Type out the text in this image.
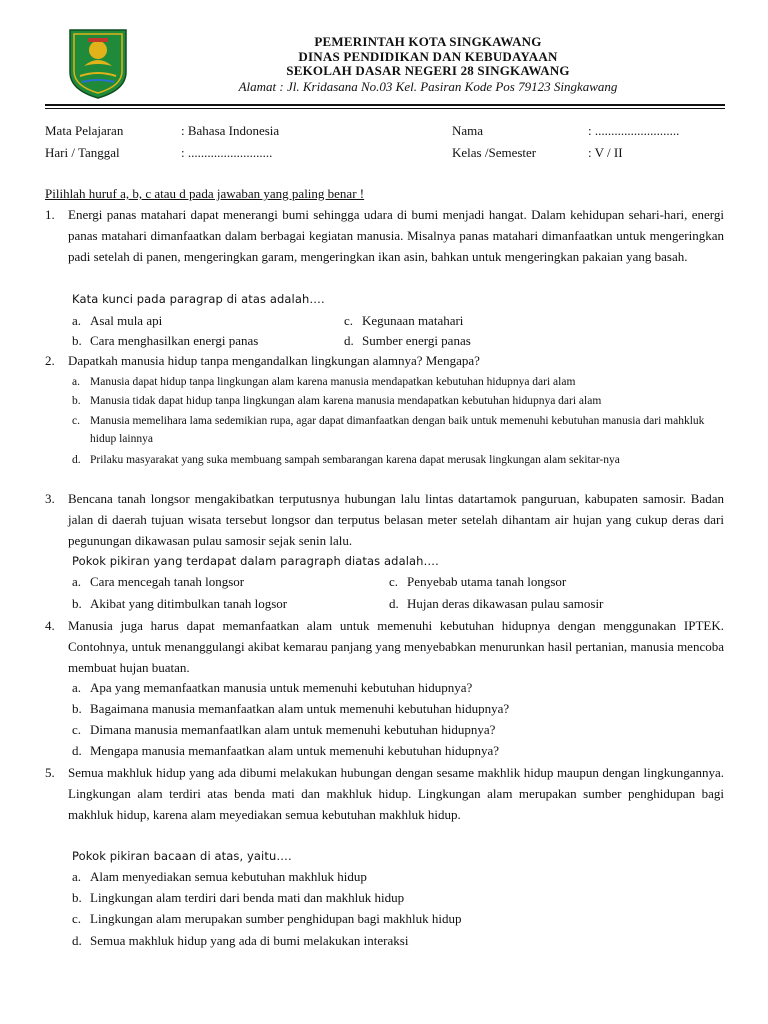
PEMERINTAH KOTA SINGKAWANG
DINAS PENDIDIKAN DAN KEBUDAYAAN
SEKOLAH DASAR NEGERI 28 SINGKAWANG
Alamat : Jl. Kridasana No.03 Kel. Pasiran Kode Pos 79123 Singkawang
Mata Pelajaran	: Bahasa Indonesia	Nama	: ..........................
Hari / Tanggal	: ..........................	Kelas /Semester	: V / II
Pilihlah huruf a, b, c atau d pada jawaban yang paling benar !
1. Energi panas matahari dapat menerangi bumi sehingga udara di bumi menjadi hangat. Dalam kehidupan sehari-hari, energi panas matahari dimanfaatkan dalam berbagai kegiatan manusia. Misalnya panas matahari dimanfaatkan untuk mengeringkan padi setelah di panen, mengeringkan garam, mengeringkan ikan asin, bahkan untuk mengeringkan pakaian yang basah.
Kata kunci pada paragrap di atas adalah….
a. Asal mula api	c. Kegunaan matahari
b. Cara menghasilkan energi panas	d. Sumber energi panas
2. Dapatkah manusia hidup tanpa mengandalkan lingkungan alamnya? Mengapa?
a. Manusia dapat hidup tanpa lingkungan alam karena manusia mendapatkan kebutuhan hidupnya dari alam
b. Manusia tidak dapat hidup tanpa lingkungan alam karena manusia mendapatkan kebutuhan hidupnya dari alam
c. Manusia memelihara lama sedemikian rupa, agar dapat dimanfaatkan dengan baik untuk memenuhi kebutuhan manusia dari mahkluk hidup lainnya
d. Prilaku masyarakat yang suka membuang sampah sembarangan karena dapat merusak lingkungan alam sekitar-nya
3. Bencana tanah longsor mengakibatkan terputusnya hubungan lalu lintas datartamok panguruan, kabupaten samosir. Badan jalan di daerah tujuan wisata tersebut longsor dan terputus belasan meter setelah dihantam air hujan yang cukup deras dari pegunungan dikawasan pulau samosir sejak senin lalu.
Pokok pikiran yang terdapat dalam paragraph diatas adalah….
a. Cara mencegah tanah longsor	c. Penyebab utama tanah longsor
b. Akibat yang ditimbulkan tanah logsor	d. Hujan deras dikawasan pulau samosir
4. Manusia juga harus dapat memanfaatkan alam untuk memenuhi kebutuhan hidupnya dengan menggunakan IPTEK. Contohnya, untuk menanggulangi akibat kemarau panjang yang menyebabkan menurunkan hasil pertanian, manusia mencoba membuat hujan buatan.
a. Apa yang memanfaatkan manusia untuk memenuhi kebutuhan hidupnya?
b. Bagaimana manusia memanfaatkan alam untuk memenuhi kebutuhan hidupnya?
c. Dimana manusia memanfaatlkan alam untuk memenuhi kebutuhan hidupnya?
d. Mengapa manusia memanfaatkan alam untuk memenuhi kebutuhan hidupnya?
5. Semua makhluk hidup yang ada dibumi melakukan hubungan dengan sesame makhlik hidup maupun dengan lingkungannya. Lingkungan alam terdiri atas benda mati dan makhluk hidup. Lingkungan alam merupakan sumber penghidupan bagi makhluk hidup, karena alam meyediakan semua kebutuhan makhluk hidup.
Pokok pikiran bacaan di atas, yaitu….
a. Alam menyediakan semua kebutuhan makhluk hidup
b. Lingkungan alam terdiri dari benda mati dan makhluk hidup
c. Lingkungan alam merupakan sumber penghidupan bagi makhluk hidup
d. Semua makhluk hidup yang ada di bumi melakukan interaksi
